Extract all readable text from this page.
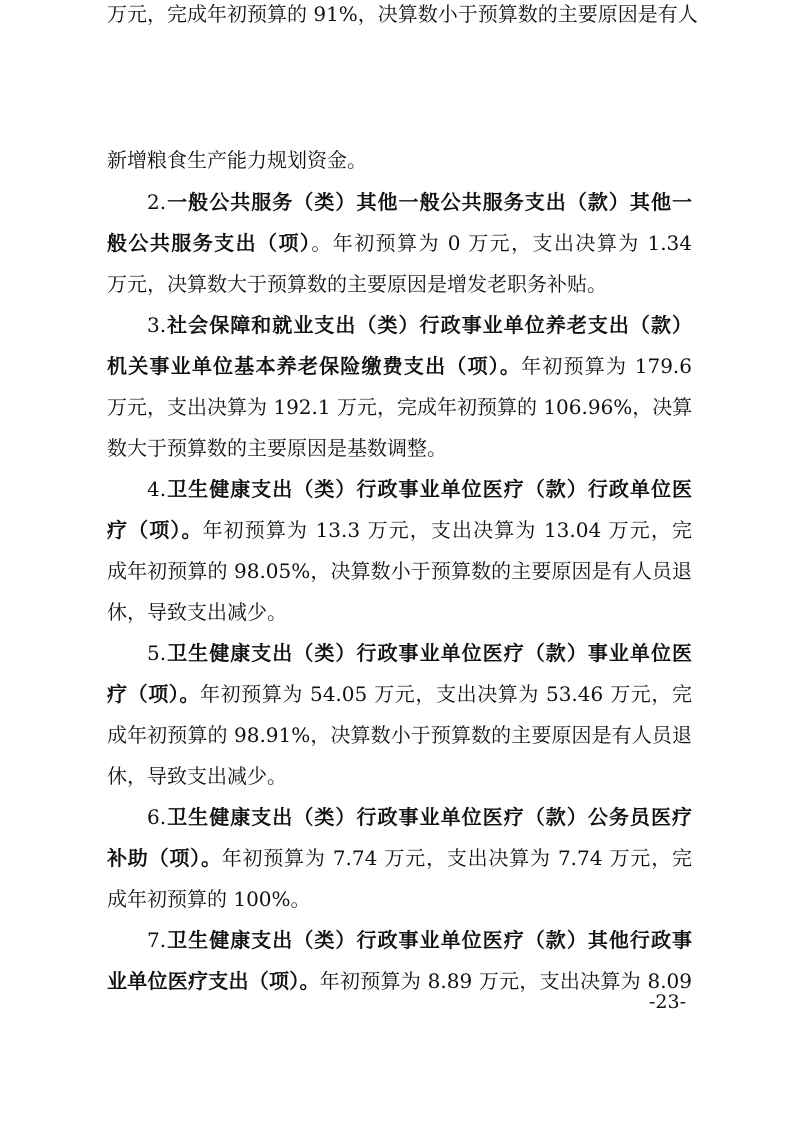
新增粮食生产能力规划资金。
2.一般公共服务（类）其他一般公共服务支出（款）其他一
般公共服务支出（项）。年初预算为 0 万元，支出决算为 1.34
万元，决算数大于预算数的主要原因是增发老职务补贴。
3.社会保障和就业支出（类）行政事业单位养老支出（款）
机关事业单位基本养老保险缴费支出（项）。年初预算为 179.6
万元，支出决算为 192.1 万元，完成年初预算的 106.96%，决算
数大于预算数的主要原因是基数调整。
4.卫生健康支出（类）行政事业单位医疗（款）行政单位医
疗（项）。年初预算为 13.3 万元，支出决算为 13.04 万元，完
成年初预算的 98.05%，决算数小于预算数的主要原因是有人员退
休，导致支出减少。
5.卫生健康支出（类）行政事业单位医疗（款）事业单位医
疗（项）。年初预算为 54.05 万元，支出决算为 53.46 万元，完
成年初预算的 98.91%，决算数小于预算数的主要原因是有人员退
休，导致支出减少。
6.卫生健康支出（类）行政事业单位医疗（款）公务员医疗
补助（项）。年初预算为 7.74 万元，支出决算为 7.74 万元，完
成年初预算的 100%。
7.卫生健康支出（类）行政事业单位医疗（款）其他行政事
业单位医疗支出（项）。年初预算为 8.89 万元，支出决算为 8.09
万元，完成年初预算的 91%，决算数小于预算数的主要原因是有人
-23-
